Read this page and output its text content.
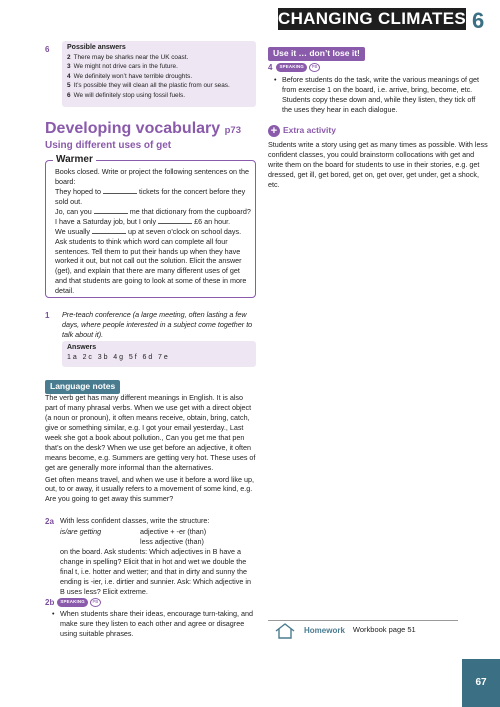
CHANGING CLIMATES 6
6	Possible answers
2 There may be sharks near the UK coast.
3 We might not drive cars in the future.
4 We definitely won’t have terrible droughts.
5 It’s possible they will clean all the plastic from our seas.
6 We will definitely stop using fossil fuels.
Developing vocabulary p73
Using different uses of get
Warmer
Books closed. Write or project the following sentences on the board:
They hoped to	tickets for the concert before they sold out.
Jo, can you	me that dictionary from the cupboard?
I have a Saturday job, but I only	£6 an hour.
We usually	up at seven o’clock on school days.
Ask students to think which word can complete all four sentences. Tell them to put their hands up when they have worked it out, but not call out the solution. Elicit the answer (get), and explain that there are many different uses of get and that students are going to look at some of these in more detail.
1 Pre-teach conference (a large meeting, often lasting a few days, where people interested in a subject come together to talk about it).
Answers
1 a   2 c   3 b   4 g   5 f   6 d   7 e
Language notes
The verb get has many different meanings in English. It is also part of many phrasal verbs. When we use get with a direct object (a noun or pronoun), it often means receive, obtain, bring, catch, give or something similar, e.g. I got your email yesterday., Last week she got a book about pollution., Can you get me that pen that’s on the desk? When we use get before an adjective, it often means become, e.g. Summers are getting very hot. These uses of get are generally more informal than the alternatives.
Get often means travel, and when we use it before a word like up, out, to or away, it usually refers to a movement of some kind, e.g. Are you going to get away this summer?
2a With less confident classes, write the structure:
is/are getting	adjective + -er (than)
less adjective (than)
on the board. Ask students: Which adjectives in B have a change in spelling? Elicit that in hot and wet we double the final t, i.e. hotter and wetter; and that in dirty and sunny the ending is -ier, i.e. dirtier and sunnier. Ask: Which adjective in B uses less? Elicit extreme.
2b	SPEAKING	PB
• When students share their ideas, encourage turn-taking, and make sure they listen to each other and agree or disagree using suitable phrases.
Use it … don’t lose it!
4	SPEAKING	PB
• Before students do the task, write the various meanings of get from exercise 1 on the board, i.e. arrive, bring, become, etc. Students copy these down and, while they listen, they tick off the uses they hear in each dialogue.
+ Extra activity
Students write a story using get as many times as possible. With less confident classes, you could brainstorm collocations with get and write them on the board for students to use in their stories, e.g. get dressed, get ill, get bored, get on, get over, get under, get a shock, etc.
Homework Workbook page 51
67
